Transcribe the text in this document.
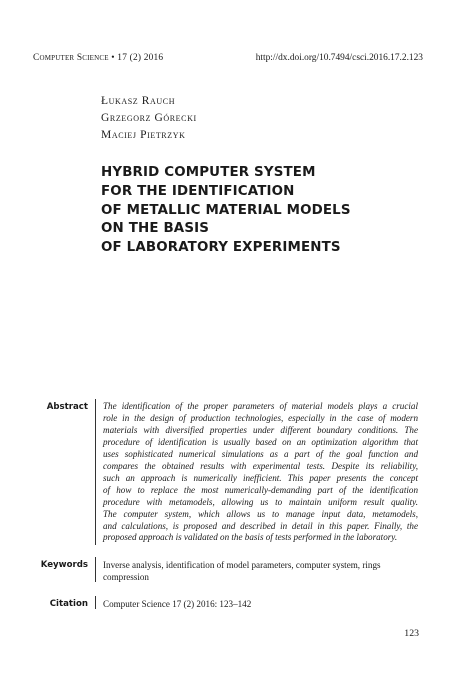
Computer Science • 17 (2) 2016	http://dx.doi.org/10.7494/csci.2016.17.2.123
Łukasz Rauch
Grzegorz Górecki
Maciej Pietrzyk
HYBRID COMPUTER SYSTEM
FOR THE IDENTIFICATION
OF METALLIC MATERIAL MODELS
ON THE BASIS
OF LABORATORY EXPERIMENTS
Abstract The identification of the proper parameters of material models plays a crucial
role in the design of production technologies, especially in the case of modern
materials with diversified properties under different boundary conditions. The
procedure of identification is usually based on an optimization algorithm that
uses sophisticated numerical simulations as a part of the goal function and
compares the obtained results with experimental tests. Despite its reliability,
such an approach is numerically inefficient. This paper presents the concept
of how to replace the most numerically-demanding part of the identification
procedure with metamodels, allowing us to maintain uniform result quality.
The computer system, which allows us to manage input data, metamodels,
and calculations, is proposed and described in detail in this paper. Finally, the
proposed approach is validated on the basis of tests performed in the laboratory.
Keywords Inverse analysis, identification of model parameters, computer system, rings compression
Citation Computer Science 17 (2) 2016: 123–142
123
